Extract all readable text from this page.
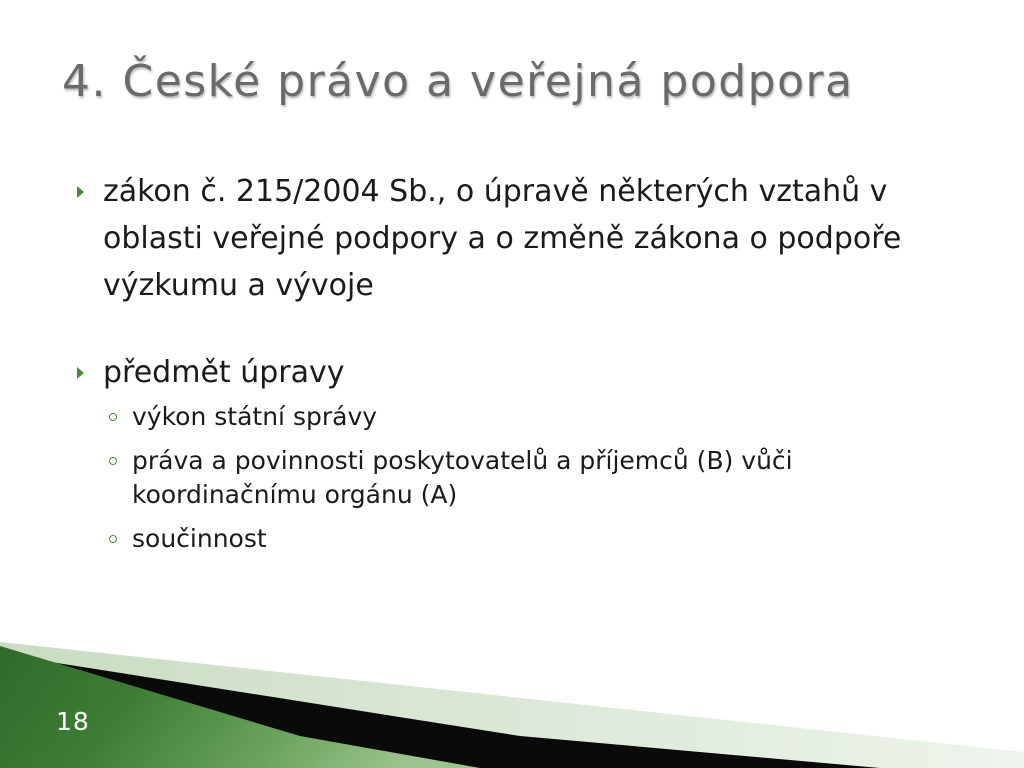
4. České právo a veřejná podpora
zákon č. 215/2004 Sb., o úpravě některých vztahů v oblasti veřejné podpory a o změně zákona o podpoře výzkumu a vývoje
předmět úpravy
výkon státní správy
práva a povinnosti poskytovatelů a příjemců (B) vůči koordinačnímu orgánu (A)
součinnost
18
